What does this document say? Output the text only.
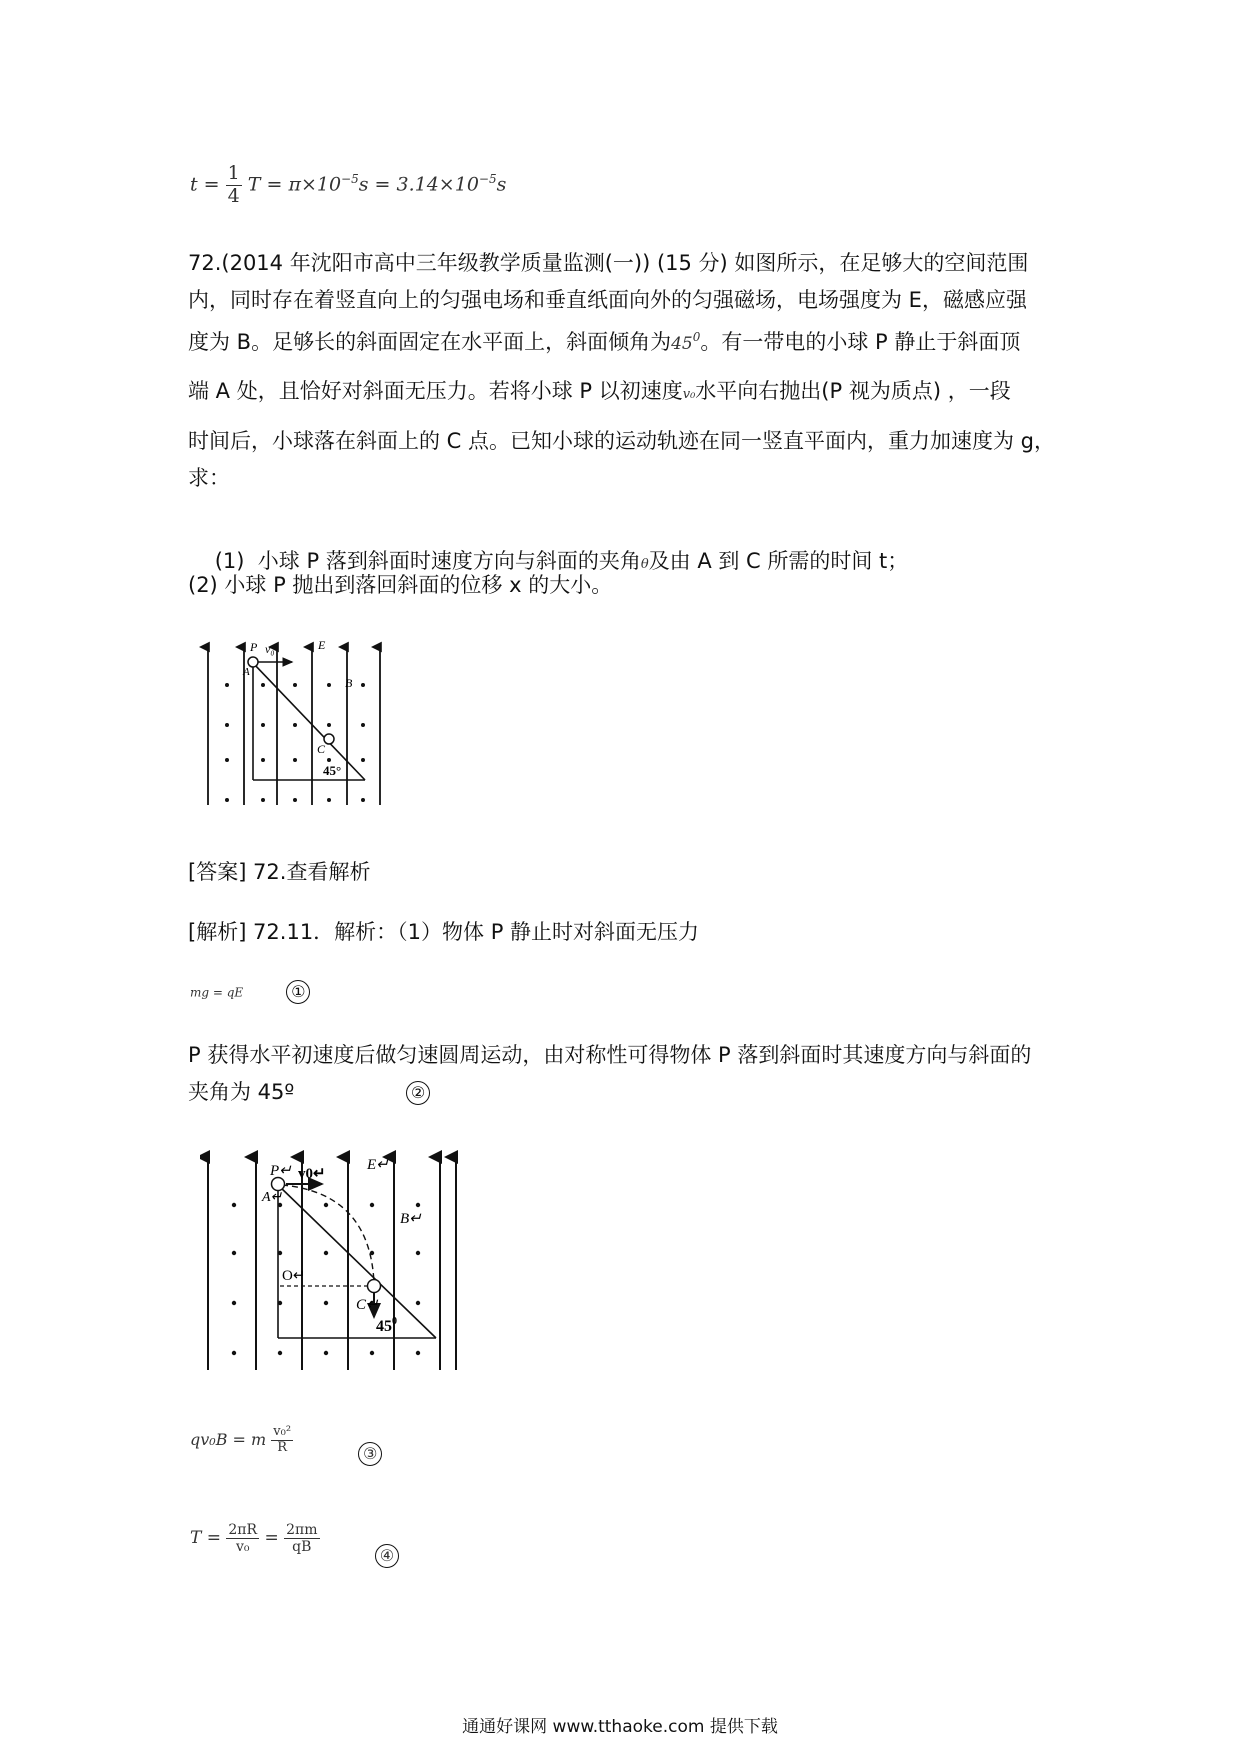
$t = \frac{1}{4}$ $T = \pi\times 10^{-5}s = 3.14\times 10^{-5}s$
72.(2014 年沈阳市高中三年级教学质量监测(一)) (15 分) 如图所示，在足够大的空间范围
内，同时存在着竖直向上的匀强电场和垂直纸面向外的匀强磁场，电场强度为 E，磁感应强
度为 B。足够长的斜面固定在水平面上，斜面倾角为$45^0$。有一带电的小球 P 静止于斜面顶
端 A 处，且恰好对斜面无压力。若将小球 P 以初速度v₀水平向右抛出(P 视为质点) ，一段
时间后，小球落在斜面上的 C 点。已知小球的运动轨迹在同一竖直平面内，重力加速度为 g，
求：

(1)  小球 P 落到斜面时速度方向与斜面的夹角θ及由 A 到 C 所需的时间 t；

(2) 小球 P 抛出到落回斜面的位移 x 的大小。
P
A
v₀	E
B
C
45°
[答案] 72.查看解析
[解析] 72.11．解析：（1）物体 P 静止时对斜面无压力
mg = qE	①
P 获得水平初速度后做匀速圆周运动，由对称性可得物体 P 落到斜面时其速度方向与斜面的
夹角为 45º	②
P↵
A↵
v0↵
E↵
B↵
O↵
C↵
$45^0$
qv₀B = m $\frac{\text{v₀²}}{R}$	③
$T = \frac{2\pi R}{\text{v₀}} = \frac{2\pi m}{qB}$
④
通通好课网 www.tthaoke.com 提供下载
